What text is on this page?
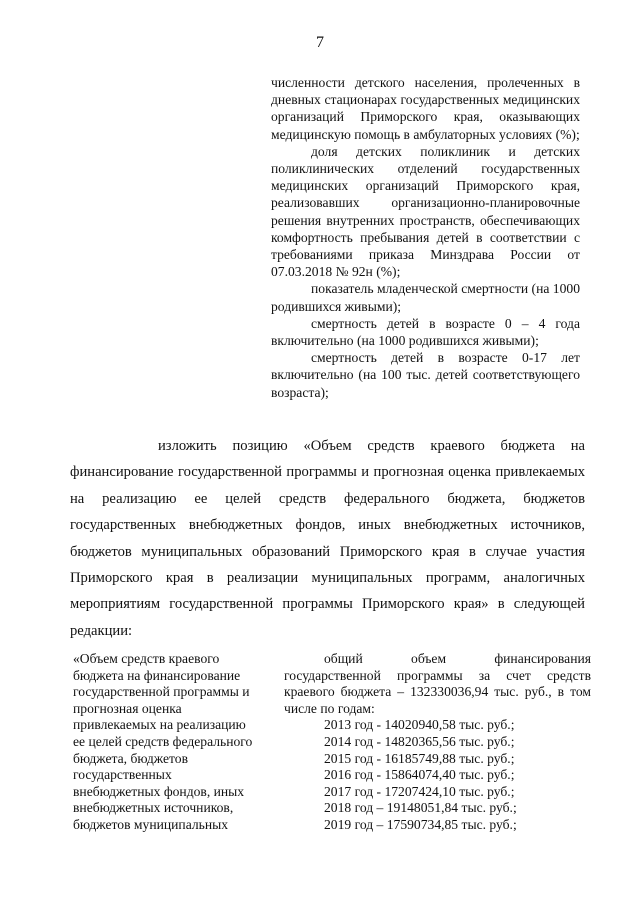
7

численности детского населения, пролеченных в дневных стационарах государственных медицинских организаций Приморского края, оказывающих медицинскую помощь в амбулаторных условиях (%);

доля детских поликлиник и детских поликлинических отделений государственных медицинских организаций Приморского края, реализовавших организационно-планировочные решения внутренних пространств, обеспечивающих комфортность пребывания детей в соответствии с требованиями приказа Минздрава России от 07.03.2018 № 92н (%);

показатель младенческой смертности (на 1000 родившихся живыми);

смертность детей в возрасте 0 – 4 года включительно (на 1000 родившихся живыми);

смертность детей в возрасте 0-17 лет включительно (на 100 тыс. детей соответствующего возраста);

изложить позицию «Объем средств краевого бюджета на финансирование государственной программы и прогнозная оценка привлекаемых на реализацию ее целей средств федерального бюджета, бюджетов государственных внебюджетных фондов, иных внебюджетных источников, бюджетов муниципальных образований Приморского края в случае участия Приморского края в реализации муниципальных программ, аналогичных мероприятиям государственной программы Приморского края» в следующей редакции:

«Объем средств краевого
бюджета на финансирование
государственной программы и
прогнозная оценка
привлекаемых на реализацию
ее целей средств федерального
бюджета, бюджетов
государственных
внебюджетных фондов, иных
внебюджетных источников,
бюджетов муниципальных

общий объем финансирования государственной программы за счет средств краевого бюджета – 132330036,94 тыс. руб., в том числе по годам:

2013 год - 14020940,58 тыс. руб.;

2014 год - 14820365,56 тыс. руб.;

2015 год - 16185749,88 тыс. руб.;

2016 год - 15864074,40 тыс. руб.;

2017 год - 17207424,10 тыс. руб.;

2018 год – 19148051,84 тыс. руб.;

2019 год – 17590734,85 тыс. руб.;
